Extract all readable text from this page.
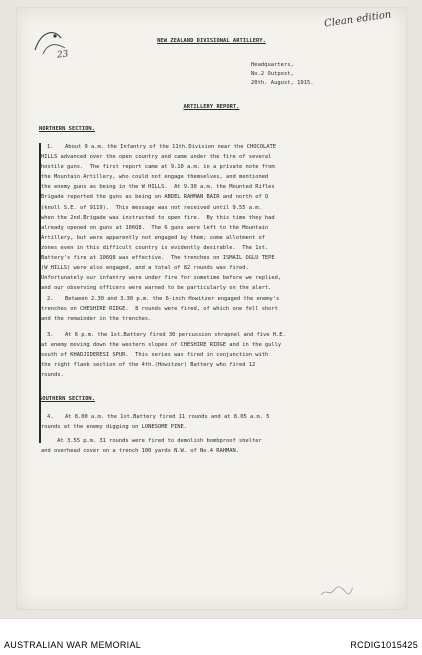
Clean edition
23
NEW ZEALAND DIVISIONAL ARTILLERY.
Headquarters,
No.2 Outpost,
20th. August, 1915.
ARTILLERY REPORT.
NORTHERN SECTION.
1. About 9 a.m. the Infantry of the 11th.Division near the CHOCOLATE
HILLS advanced over the open country and came under the fire of several
hostile guns.  The first report came at 9.10 a.m. in a private note from
the Mountain Artillery, who could not engage themselves, and mentioned
the enemy guns as being in the W HILLS.  At 9.30 a.m. the Mounted Rifles
Brigade reported the guns as being on ABDEL RAHMAN BAIR and north of Q
(knoll S.E. of 9119).  This message was not received until 9.55 a.m.
when the 2nd.Brigade was instructed to open fire.  By this time they had
already opened on guns at 106Q8.  The 6 guns were left to the Mountain
Artillery, but were apparently not engaged by them; some allotment of
zones even in this difficult country is evidently desirable.  The 1st.
Battery's fire at 106Q8 was effective.  The trenches on ISMAIL OGLU TEPE
(W HILLS) were also engaged, and a total of 82 rounds was fired.
Unfortunately our infantry were under fire for sometime before we replied,
and our observing officers were warned to be particularly on the alert.
2. Between 2.30 and 3.30 p.m. the 6-inch Howitzer engaged the enemy's
trenches on CHESHIRE RIDGE.  8 rounds were fired, of which one fell short
and the remainder in the trenches.
3. At 6 p.m. the 1st.Battery fired 30 percussion shrapnel and five H.E.
at enemy moving down the western slopes of CHESHIRE RIDGE and in the gully
south of KHADJIDERESI SPUR.  This series was fired in conjunction with
the right flank section of the 4th.(Howitzer) Battery who fired 12
rounds.
SOUTHERN SECTION.
4. At 8.00 a.m. the 1st.Battery fired 11 rounds and at 8.05 a.m. 5
rounds at the enemy digging on LONESOME PINE.
At 3.55 p.m. 31 rounds were fired to demolish bombproof shelter
and overhead cover on a trench 100 yards N.W. of No.4 RAHMAN.
AUSTRALIAN WAR MEMORIAL	RCDIG1015425
